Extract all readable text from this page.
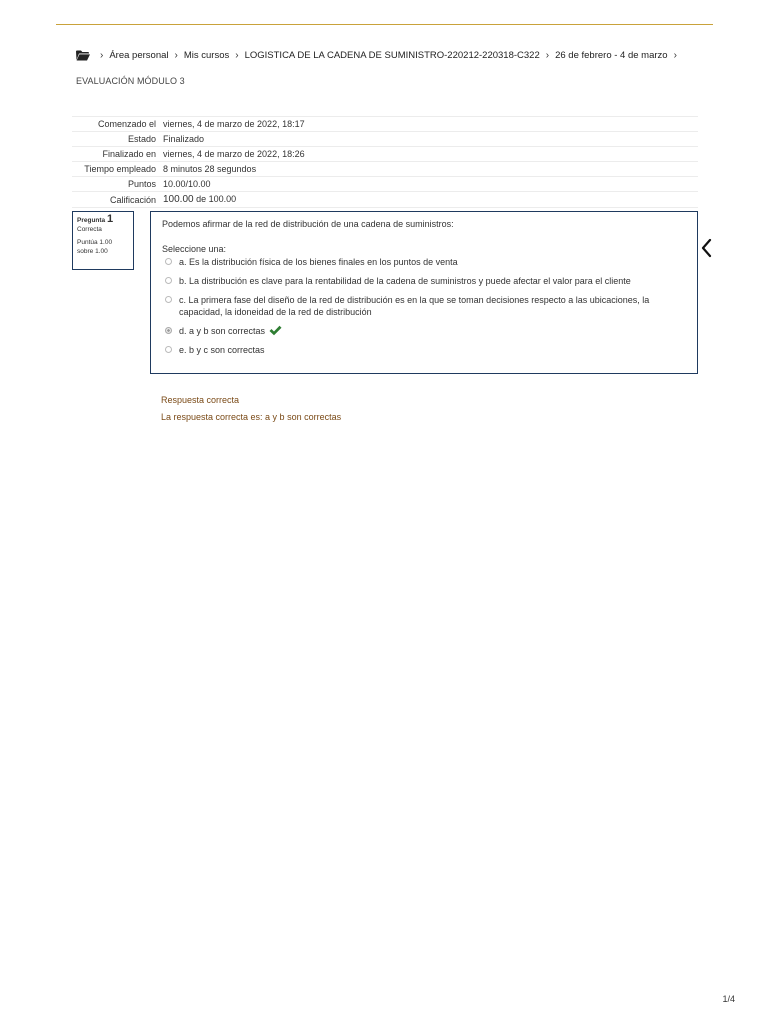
› Área personal › Mis cursos › LOGISTICA DE LA CADENA DE SUMINISTRO-220212-220318-C322 › 26 de febrero - 4 de marzo ›
EVALUACIÓN MÓDULO 3
Comenzado el	viernes, 4 de marzo de 2022, 18:17
Estado	Finalizado
Finalizado en	viernes, 4 de marzo de 2022, 18:26
Tiempo empleado	8 minutos 28 segundos
Puntos	10.00/10.00
Calificación	100.00 de 100.00
Pregunta 1
Correcta
Puntúa 1.00
sobre 1.00

Podemos afirmar de la red de distribución de una cadena de suministros:

Seleccione una:
a. Es la distribución física de los bienes finales en los puntos de venta
b. La distribución es clave para la rentabilidad de la cadena de suministros y puede afectar el valor para el cliente
c. La primera fase del diseño de la red de distribución es en la que se toman decisiones respecto a las ubicaciones, la capacidad, la idoneidad de la red de distribución
d. a y b son correctas
e. b y c son correctas
Respuesta correcta
La respuesta correcta es: a y b son correctas
1/4
